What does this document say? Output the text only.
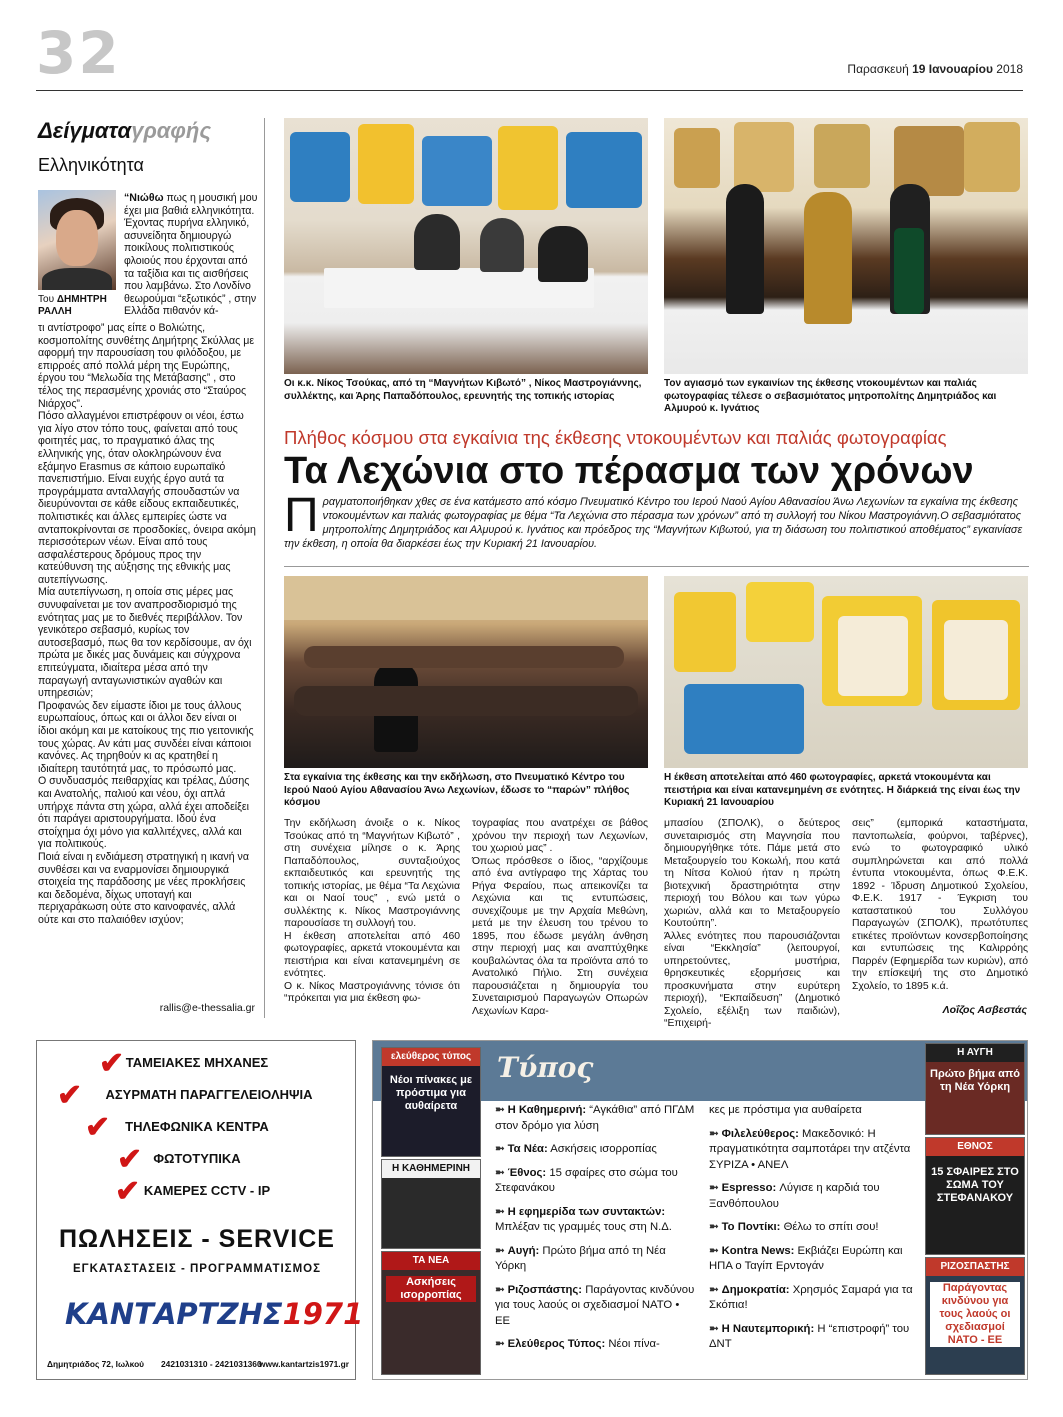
32	Παρασκευή 19 Ιανουαρίου 2018
Δείγματαγραφής
Ελληνικότητα
Του ΔΗΜΗΤΡΗ ΡΑΛΛΗ
“Νιώθω πως η μουσική μου έχει μια βαθιά ελληνικότητα. Έχοντας πυρήνα ελληνικό, ασυνείδητα δημιουργώ ποικίλους πολιτιστικούς φλοιούς που έρχονται από τα ταξίδια και τις αισθήσεις που λαμβάνω. Στο Λονδίνο θεωρούμαι “εξωτικός” , στην Ελλάδα πιθανόν κά-

τι αντίστροφο” μας είπε ο Βολιώτης, κοσμοπολίτης συνθέτης Δημήτρης Σκύλλας με αφορμή την παρουσίαση του φιλόδοξου, με επιρροές από πολλά μέρη της Ευρώπης, έργου του “Μελωδία της Μετάβασης” , στο τέλος της περασμένης χρονιάς στο “Σταύρος Νιάρχος”.

Πόσο αλλαγμένοι επιστρέφουν οι νέοι, έστω για λίγο στον τόπο τους, φαίνεται από τους φοιτητές μας, το πραγματικό άλας της ελληνικής γης, όταν ολοκληρώνουν ένα εξάμηνο Erasmus σε κάποιο ευρωπαϊκό πανεπιστήμιο. Είναι ευχής έργο αυτά τα προγράμματα ανταλλαγής σπουδαστών να διευρύνονται σε κάθε είδους εκπαιδευτικές, πολιτιστικές και άλλες εμπειρίες ώστε να ανταποκρίνονται σε προσδοκίες, όνειρα ακόμη περισσότερων νέων. Είναι από τους ασφαλέστερους δρόμους προς την κατεύθυνση της αύξησης της εθνικής μας αυτεπίγνωσης.

Μία αυτεπίγνωση, η οποία στις μέρες μας συνυφαίνεται με τον αναπροσδιορισμό της ενότητας μας με το διεθνές περιβάλλον. Τον γενικότερο σεβασμό, κυρίως τον αυτοσεβασμό, πως θα τον κερδίσουμε, αν όχι πρώτα με δικές μας δυνάμεις και σύγχρονα επιτεύγματα, ιδιαίτερα μέσα από την παραγωγή ανταγωνιστικών αγαθών και υπηρεσιών;

Προφανώς δεν είμαστε ίδιοι με τους άλλους ευρωπαίους, όπως και οι άλλοι δεν είναι οι ίδιοι ακόμη και με κατοίκους της πιο γειτονικής τους χώρας. Αν κάτι μας συνδέει είναι κάποιοι κανόνες. Ας τηρηθούν κι ας κρατηθεί η ιδιαίτερη ταυτότητά μας, το πρόσωπό μας.

Ο συνδυασμός πειθαρχίας και τρέλας, Δύσης και Ανατολής, παλιού και νέου, όχι απλά υπήρχε πάντα στη χώρα, αλλά έχει αποδείξει ότι παράγει αριστουργήματα. Ιδού ένα στοίχημα όχι μόνο για καλλιτέχνες, αλλά και για πολιτικούς.

Ποιά είναι η ενδιάμεση στρατηγική η ικανή να συνθέσει και να εναρμονίσει δημιουργικά στοιχεία της παράδοσης με νέες προκλήσεις και δεδομένα, δίχως υποταγή και περιχαράκωση ούτε στο καινοφανές, αλλά ούτε και στο παλαιόθεν ισχύον;

rallis@e-thessalia.gr
Οι κ.κ. Νίκος Τσούκας, από τη “Μαγνήτων Κιβωτό” , Νίκος Μαστρογιάννης, συλλέκτης, και Άρης Παπαδόπουλος, ερευνητής της τοπικής ιστορίας
Τον αγιασμό των εγκαινίων της έκθεσης ντοκουμέντων και παλιάς φωτογραφίας τέλεσε ο σεβασμιότατος μητροπολίτης Δημητριάδος και Αλμυρού κ. Ιγνάτιος
Στα εγκαίνια της έκθεσης και την εκδήλωση, στο Πνευματικό Κέντρο του Ιερού Ναού Αγίου Αθανασίου Άνω Λεχωνίων, έδωσε το “παρών” πλήθος κόσμου
Η έκθεση αποτελείται από 460 φωτογραφίες, αρκετά ντοκουμέντα και πειστήρια και είναι κατανεμημένη σε ενότητες. Η διάρκειά της είναι έως την Κυριακή 21 Ιανουαρίου
Πλήθος κόσμου στα εγκαίνια της έκθεσης ντοκουμέντων και παλιάς φωτογραφίας
Τα Λεχώνια στο πέρασμα των χρόνων
Π ραγματοποιήθηκαν χθες σε ένα κατάμεστο από κόσμο Πνευματικό Κέντρο του Ιερού Ναού Αγίου Αθανασίου Άνω Λεχωνίων τα εγκαίνια της έκθεσης ντοκουμέντων και παλιάς φωτογραφίας με θέμα “Τα Λεχώνια στο πέρασμα των χρόνων” από τη συλλογή του Νίκου Μαστρογιάννη.Ο σεβασμιότατος μητροπολίτης Δημητριάδος και Αλμυρού κ. Ιγνάτιος και πρόεδρος της “Μαγνήτων Κιβωτού, για τη διάσωση του πολιτιστικού αποθέματος” εγκαινίασε την έκθεση, η οποία θα διαρκέσει έως την Κυριακή 21 Ιανουαρίου.

Την εκδήλωση άνοιξε ο κ. Νίκος Τσούκας από τη “Μαγνήτων Κιβωτό” , στη συνέχεια μίλησε ο κ. Άρης Παπαδόπουλος, συνταξιούχος εκπαιδευτικός και ερευνητής της τοπικής ιστορίας, με θέμα “Τα Λεχώνια και οι Ναοί τους” , ενώ μετά ο συλλέκτης κ. Νίκος Μαστρογιάννης παρουσίασε τη συλλογή του.

Η έκθεση αποτελείται από 460 φωτογραφίες, αρκετά ντοκουμέντα και πειστήρια και είναι κατανεμημένη σε ενότητες.

Ο κ. Νίκος Μαστρογιάννης τόνισε ότι “πρόκειται για μια έκθεση φω-

τογραφίας που ανατρέχει σε βάθος χρόνου την περιοχή των Λεχωνίων, του χωριού μας” .

Όπως πρόσθεσε ο ίδιος, “αρχίζουμε από ένα αντίγραφο της Χάρτας του Ρήγα Φεραίου, πως απεικονίζει τα Λεχώνια και τις εντυπώσεις, συνεχίζουμε με την Αρχαία Μεθώνη, μετά με την έλευση του τρένου το 1895, που έδωσε μεγάλη άνθηση στην περιοχή μας και αναπτύχθηκε κουβαλώντας όλα τα προϊόντα από το Ανατολικό Πήλιο. Στη συνέχεια παρουσιάζεται η δημιουργία του Συνεταιρισμού Παραγωγών Οπωρών Λεχωνίων Καρα-

μπασίου (ΣΠΟΛΚ), ο δεύτερος συνεταιρισμός στη Μαγνησία που δημιουργήθηκε τότε. Πάμε μετά στο Μεταξουργείο του Κοκωλή, που κατά τη Νίτσα Κολιού ήταν η πρώτη βιοτεχνική δραστηριότητα στην περιοχή του Βόλου και των γύρω χωριών, αλλά και το Μεταξουργείο Κουτούπη”.

Άλλες ενότητες που παρουσιάζονται είναι “Εκκλησία” (λειτουργοί, υπηρετούντες, μυστήρια, θρησκευτικές εξορμήσεις και προσκυνήματα στην ευρύτερη περιοχή), “Εκπαίδευση” (Δημοτικό Σχολείο, εξέλιξη των παιδιών), “Επιχειρή-

σεις” (εμπορικά καταστήματα, παντοπωλεία, φούρνοι, ταβέρνες), ενώ το φωτογραφικό υλικό συμπληρώνεται και από πολλά έντυπα ντοκουμέντα, όπως Φ.Ε.Κ. 1892 - Ίδρυση Δημοτικού Σχολείου, Φ.Ε.Κ. 1917 - Έγκριση του καταστατικού του Συλλόγου Παραγωγών (ΣΠΟΛΚ), πρωτότυπες ετικέτες προϊόντων κονσερβοποίησης και εντυπώσεις της Καλιρρόης Παρρέν (Εφημερίδα των κυριών), από την επίσκεψή της στο Δημοτικό Σχολείο, το 1895 κ.ά.

Λοΐζος Ασβεστάς
✔ ΤΑΜΕΙΑΚΕΣ ΜΗΧΑΝΕΣ
✔	ΑΣΥΡΜΑΤΗ ΠΑΡΑΓΓΕΛΕΙΟΛΗΨΙΑ
✔	ΤΗΛΕΦΩΝΙΚΑ ΚΕΝΤΡΑ
✔ ΦΩΤΟΤΥΠΙΚΑ
✔ ΚΑΜΕΡΕΣ CCTV - IP
ΠΩΛΗΣΕΙΣ - SERVICE
ΕΓΚΑΤΑΣΤΑΣΕΙΣ - ΠΡΟΓΡΑΜΜΑΤΙΣΜΟΣ
ΚΑΝΤΑΡΤΖΗΣ1971
Δημητριάδος 72, Ιωλκού 2421031310 - 2421031360
www.kantartzis1971.gr
Τύπος
ελεύθερος τύπος
Νέοι πίνακες με πρόστιμα για αυθαίρετα
Η ΚΑΘΗΜΕΡΙΝΗ
ΤΑ ΝΕΑ
Ασκήσεις ισορροπίας
Η ΑΥΓΗ
Πρώτο βήμα από τη Νέα Υόρκη
ΕΘΝΟΣ
15 ΣΦΑΙΡΕΣ ΣΤΟ ΣΩΜΑ ΤΟΥ ΣΤΕΦΑΝΑΚΟΥ
ΡΙΖΟΣΠΑΣΤΗΣ
Παράγοντας κινδύνου για τους λαούς οι σχεδιασμοί ΝΑΤΟ - ΕΕ
➼ Η Καθημερινή: “Αγκάθια” από ΠΓΔΜ στον δρόμο για λύση
➼ Τα Νέα: Ασκήσεις ισορροπίας
➼ Έθνος: 15 σφαίρες στο σώμα του Στεφανάκου
➼ Η εφημερίδα των συντακτών: Μπλέξαν τις γραμμές τους στη Ν.Δ.
➼ Αυγή: Πρώτο βήμα από τη Νέα Υόρκη
➼ Ριζοσπάστης: Παράγοντας κινδύνου για τους λαούς οι σχεδιασμοί ΝΑΤΟ • ΕΕ
➼ Ελεύθερος Τύπος: Νέοι πίνα-
κες με πρόστιμα για αυθαίρετα
➼ Φιλελεύθερος: Μακεδονικό: Η πραγματικότητα σαμποτάρει την ατζέντα ΣΥΡΙΖΑ • ΑΝΕΛ
➼ Espresso: Λύγισε η καρδιά του Ξανθόπουλου
➼ Το Ποντίκι: Θέλω το σπίτι σου!
➼ Kontra News: Εκβιάζει Ευρώπη και ΗΠΑ ο Ταγίπ Ερντογάν
➼ Δημοκρατία: Χρησμός Σαμαρά για τα Σκόπια!
➼ Η Ναυτεμπορική: Η “επιστροφή” του ΔΝΤ
